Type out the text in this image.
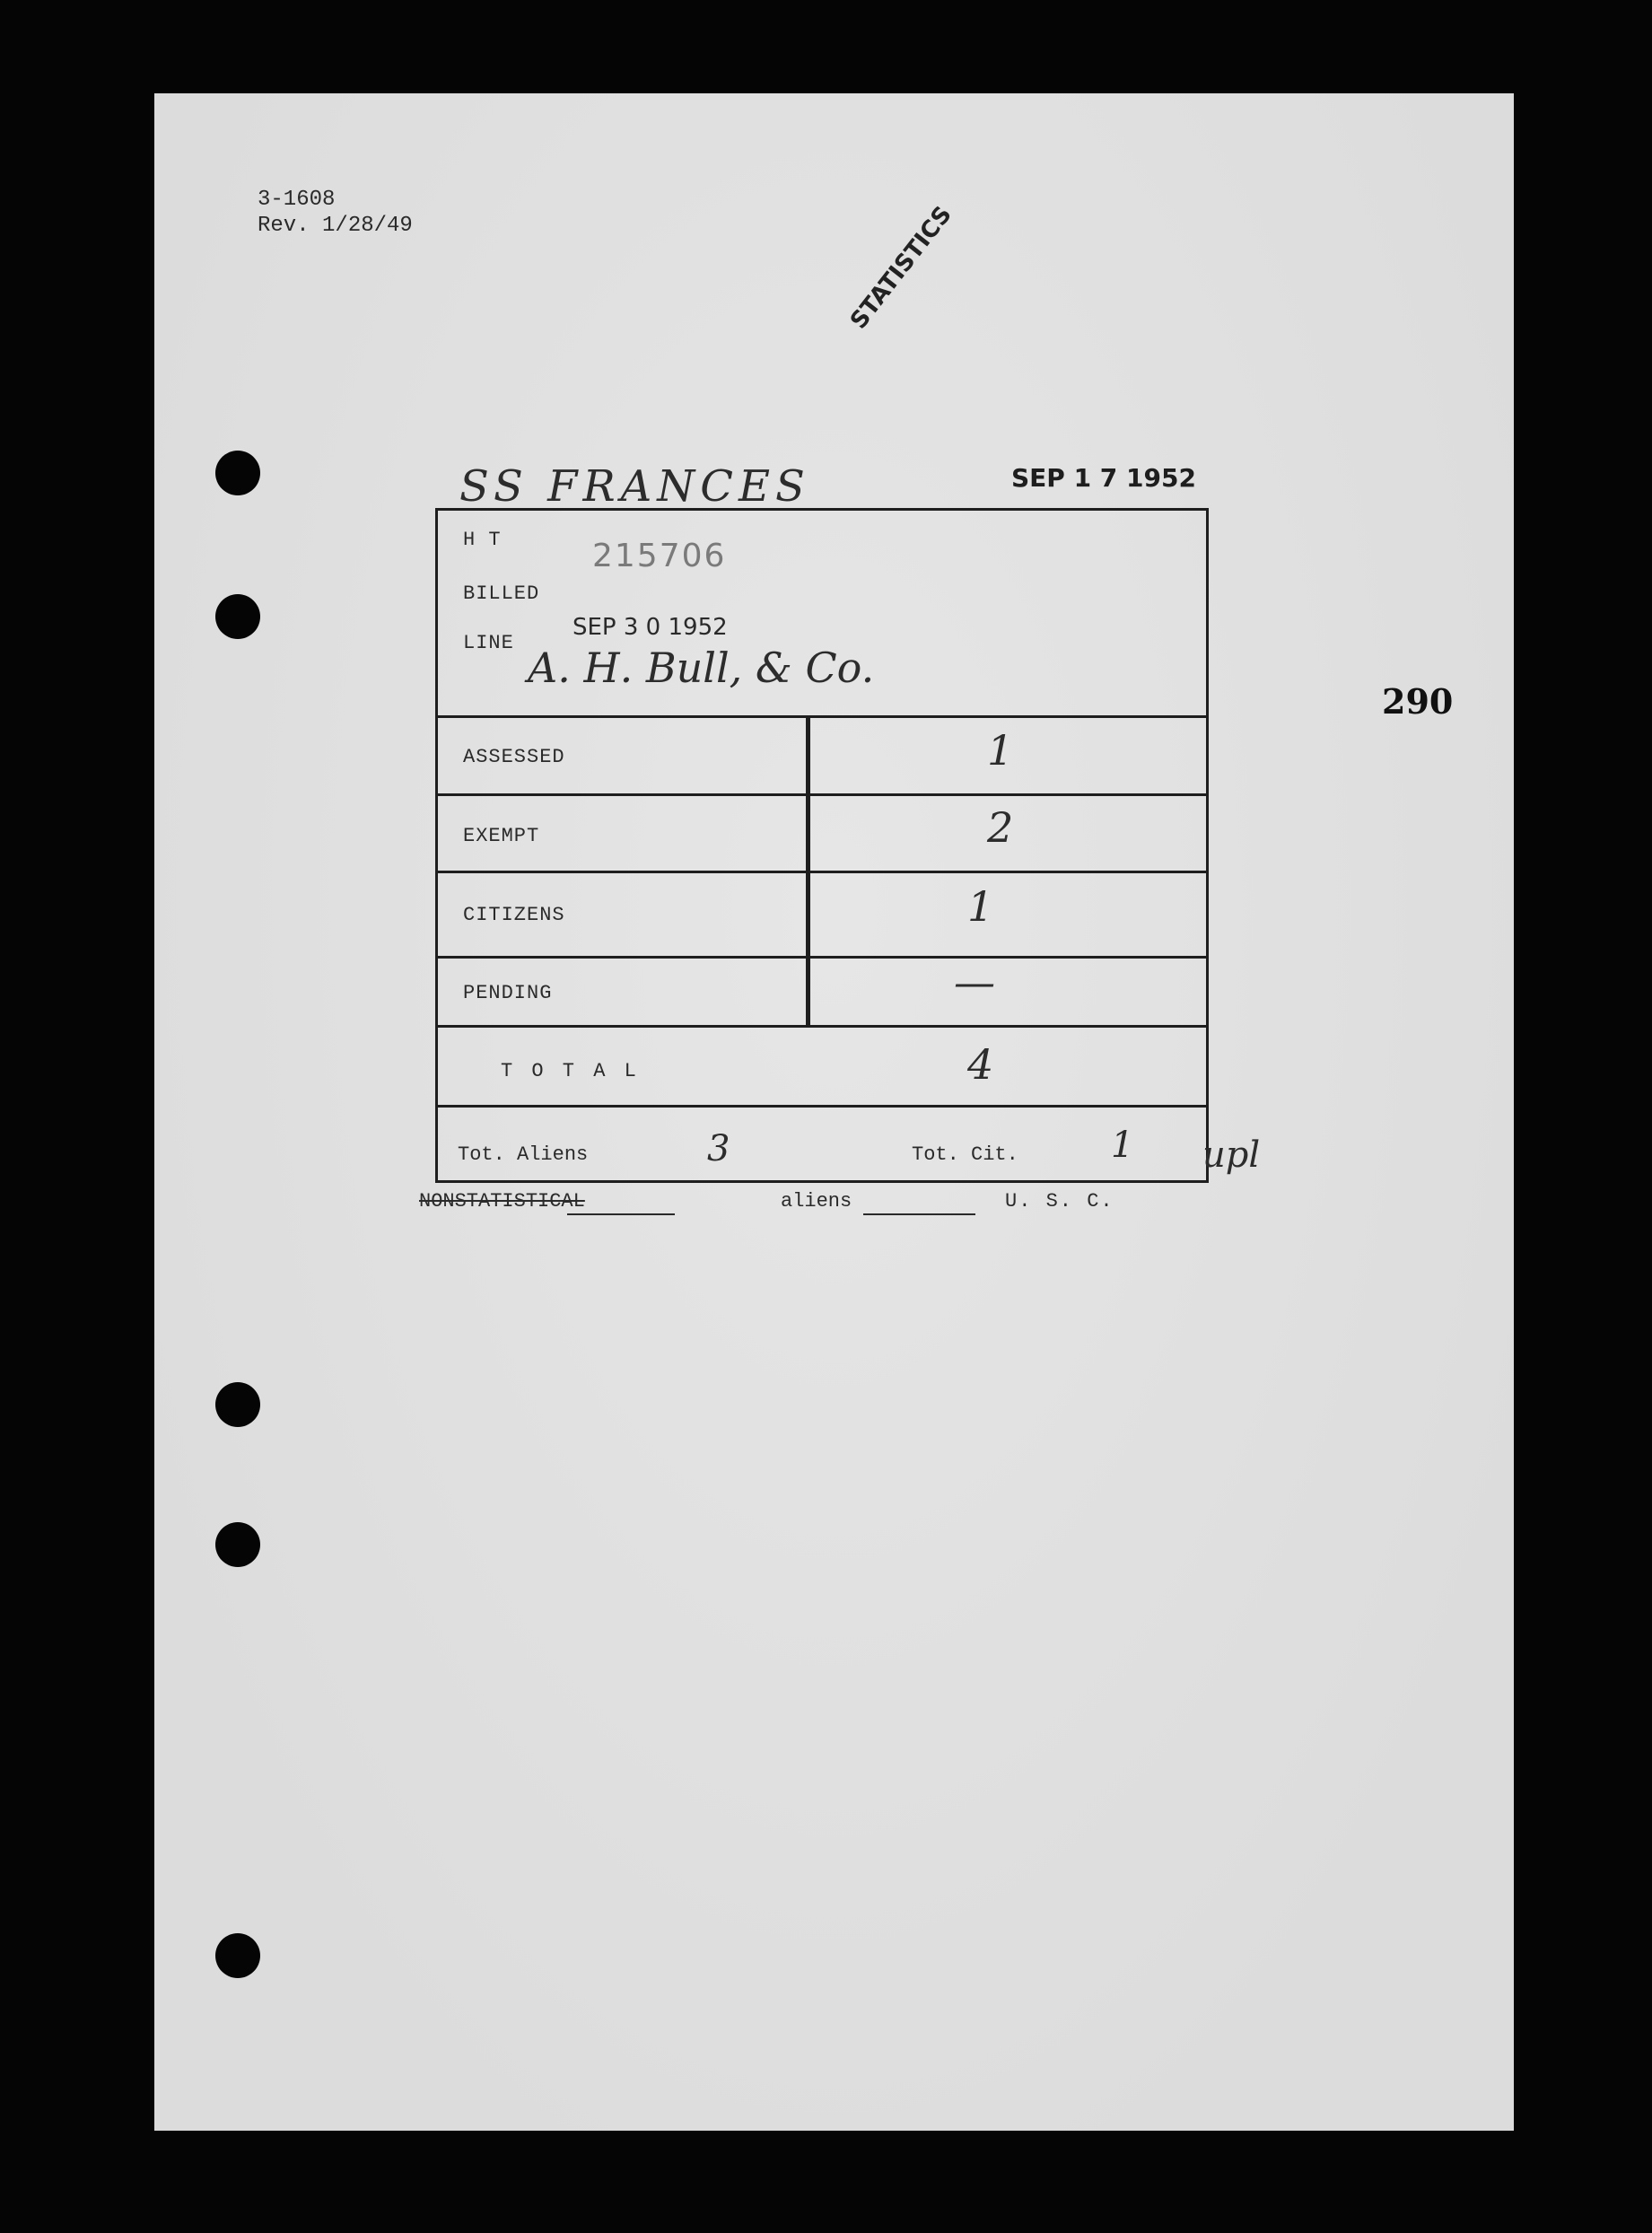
3-1608
Rev. 1/28/49	STATISTICS
SS FRANCES	SEP 1 7 1952
290
H T	215706
BILLED
SEP 3 0 1952
LINE
A. H. Bull, & Co.
ASSESSED	1
EXEMPT	2
CITIZENS	1
PENDING	—
T O T A L	4
Tot. Aliens	3	Tot. Cit.	1 upl
NONSTATISTICAL	aliens	U. S. C.
